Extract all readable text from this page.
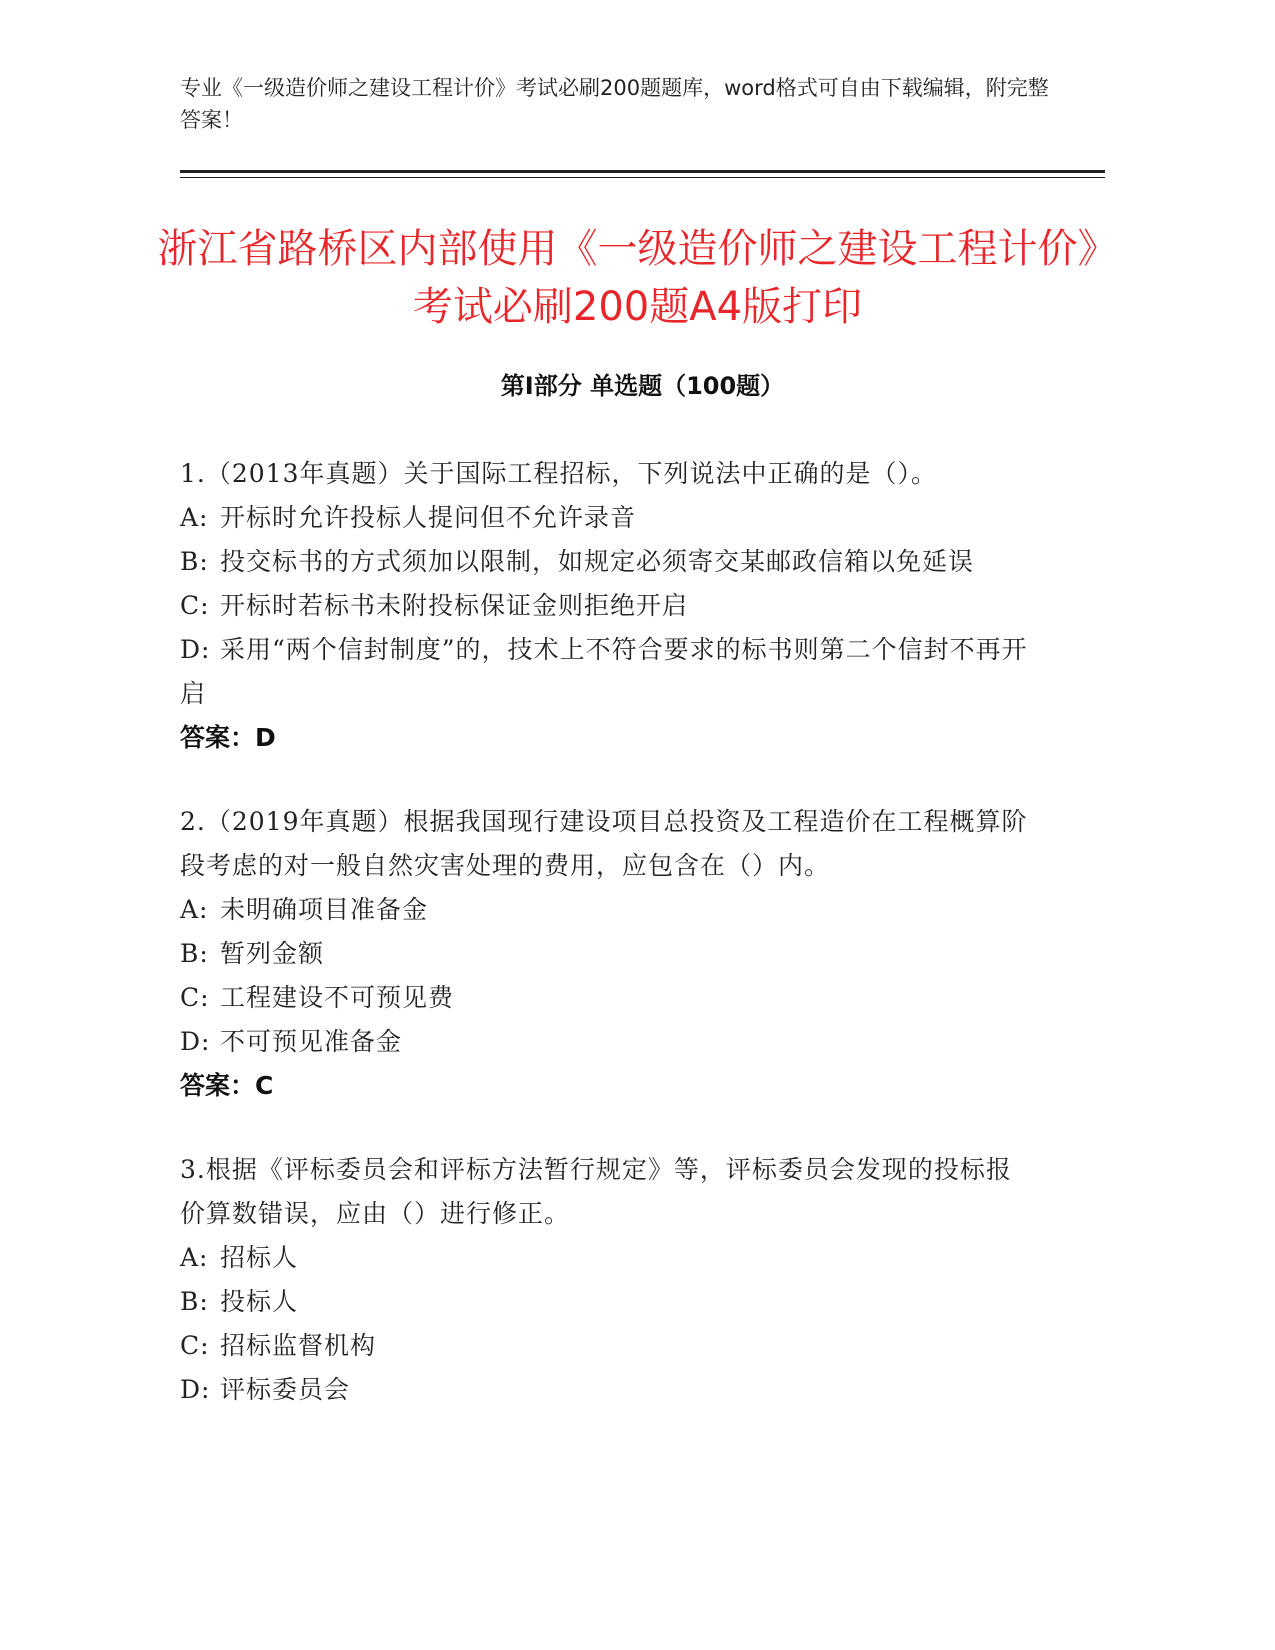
专业《一级造价师之建设工程计价》考试必刷200题题库，word格式可自由下载编辑，附完整答案！
浙江省路桥区内部使用《一级造价师之建设工程计价》考试必刷200题A4版打印
第Ⅰ部分 单选题（100题）

1.（2013年真题）关于国际工程招标，下列说法中正确的是（）。

A: 开标时允许投标人提问但不允许录音

B: 投交标书的方式须加以限制，如规定必须寄交某邮政信箱以免延误

C: 开标时若标书未附投标保证金则拒绝开启

D: 采用“两个信封制度”的，技术上不符合要求的标书则第二个信封不再开启

答案：D

2.（2019年真题）根据我国现行建设项目总投资及工程造价在工程概算阶段考虑的对一般自然灾害处理的费用，应包含在（）内。

A: 未明确项目准备金

B: 暂列金额

C: 工程建设不可预见费

D: 不可预见准备金

答案：C

3.根据《评标委员会和评标方法暂行规定》等，评标委员会发现的投标报价算数错误，应由（）进行修正。

A: 招标人

B: 投标人

C: 招标监督机构

D: 评标委员会
